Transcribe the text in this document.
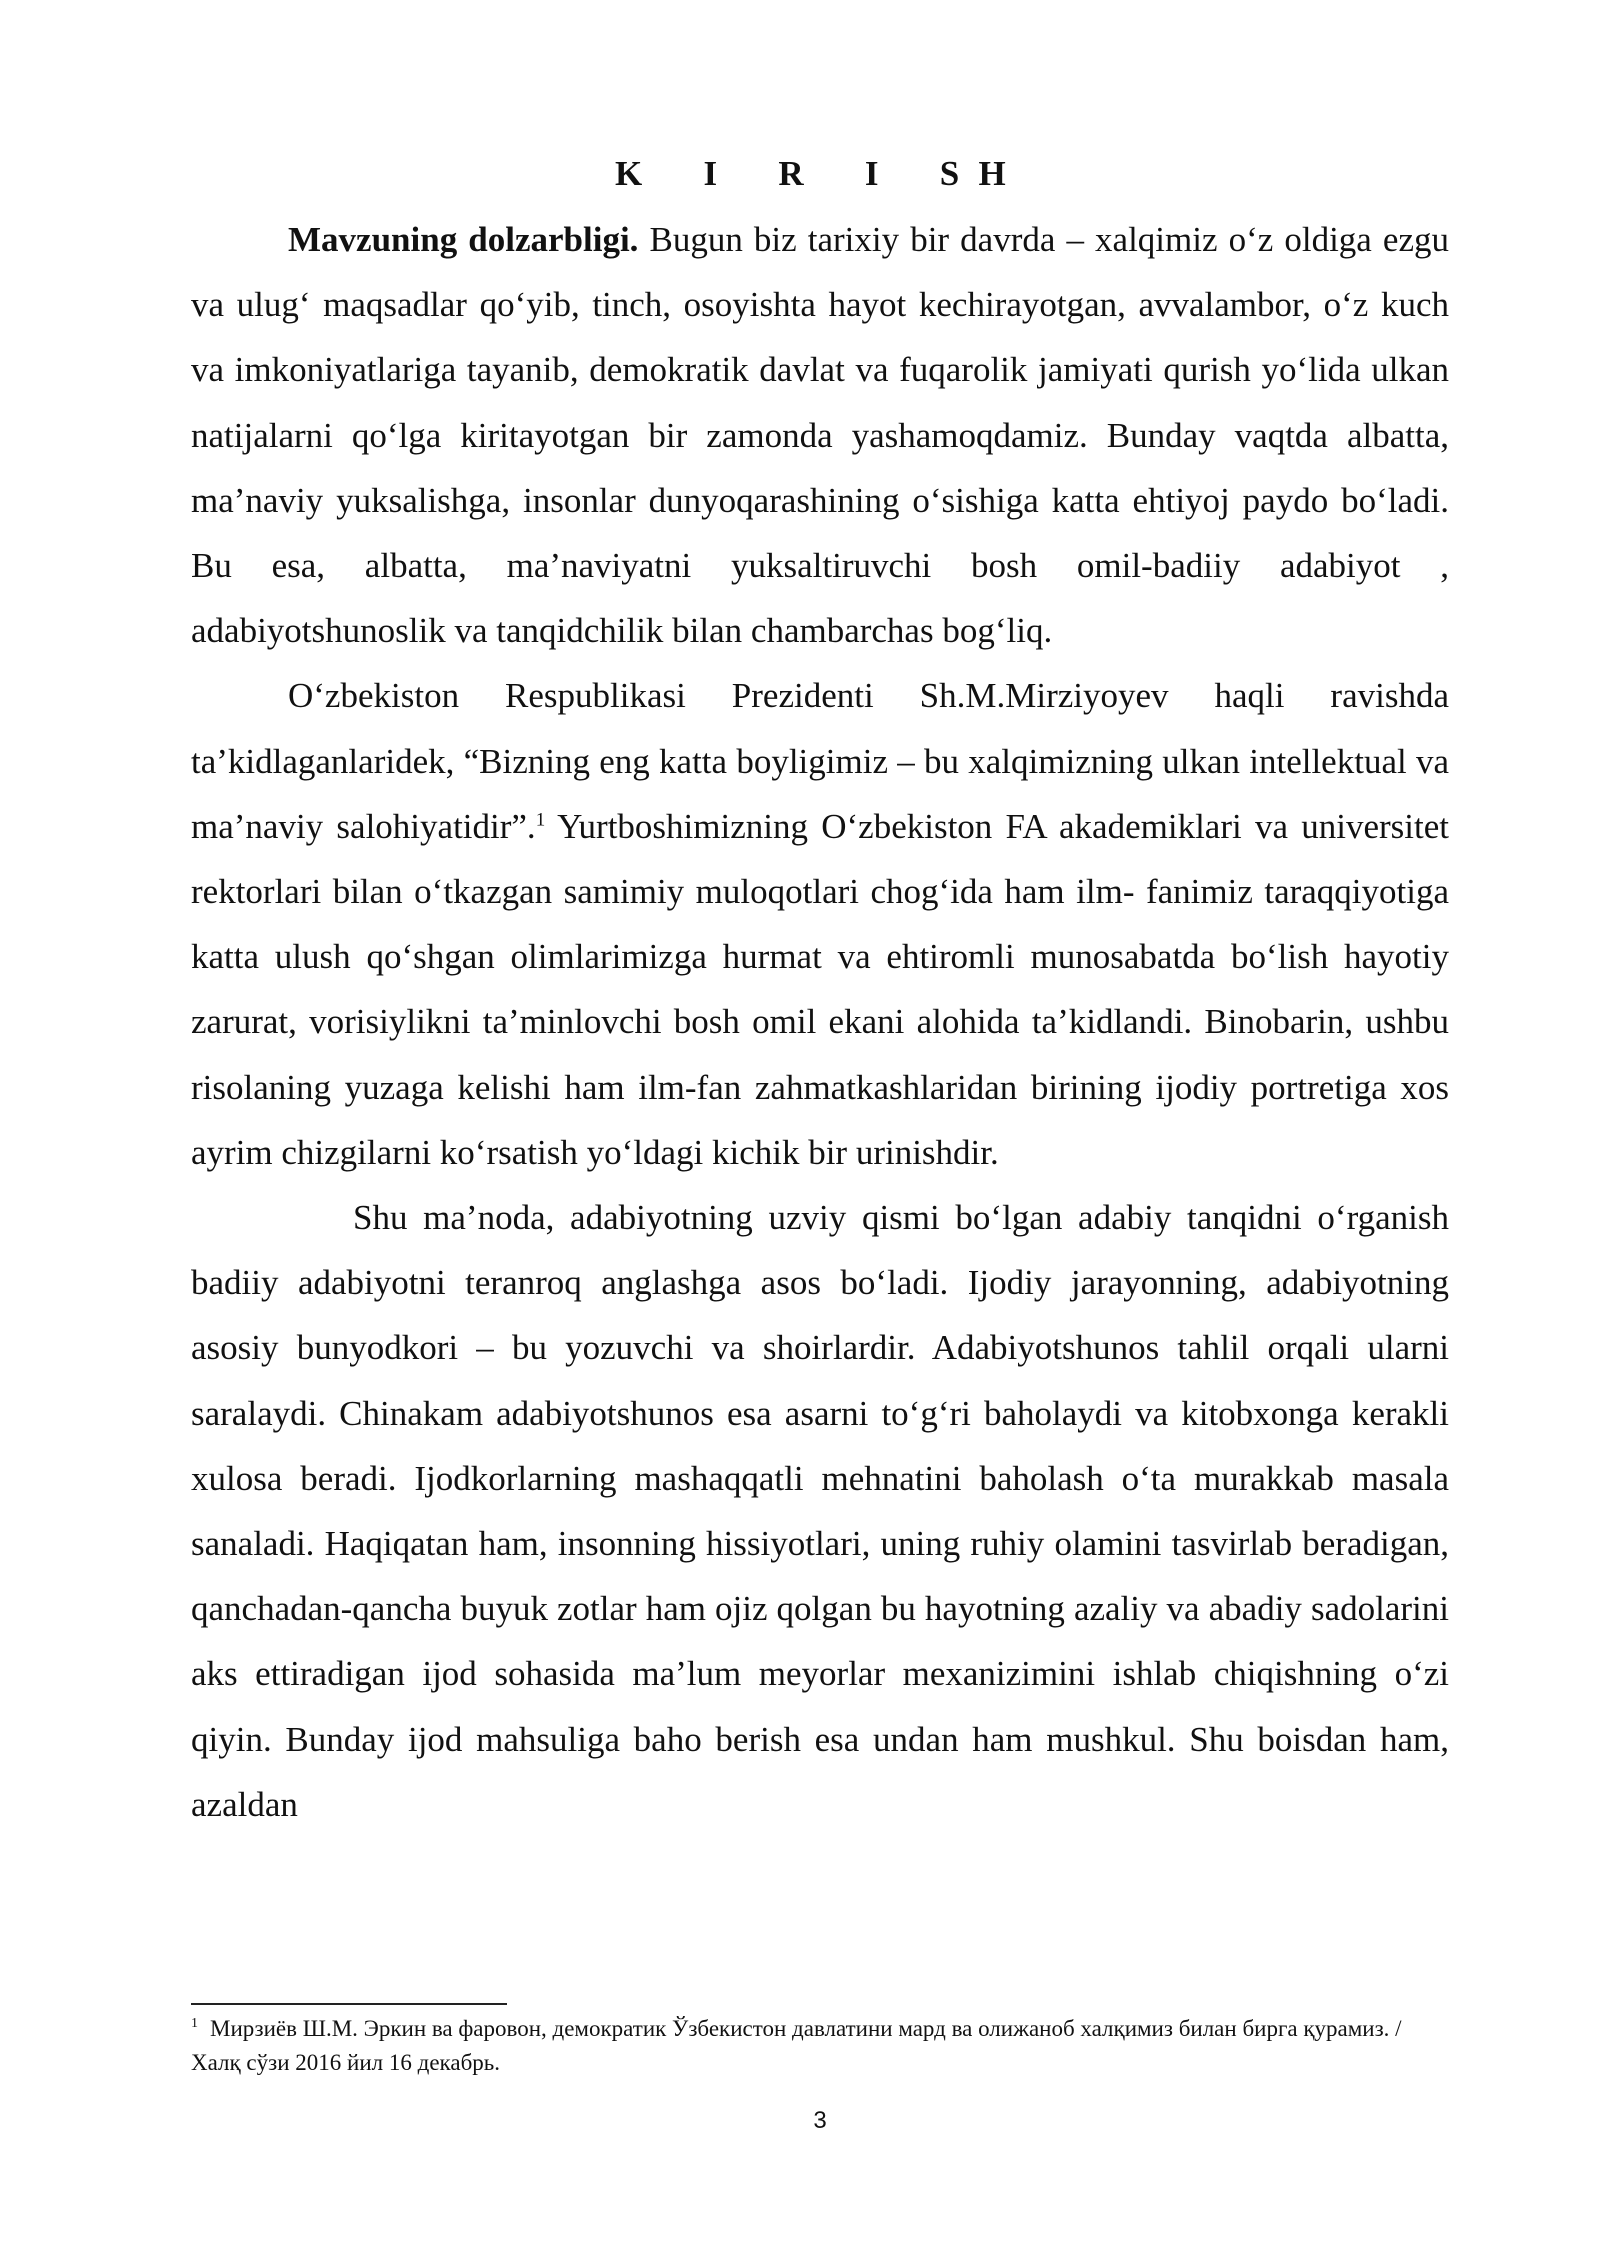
K I R I SH

Mavzuning dolzarbligi. Bugun biz tarixiy bir davrda – xalqimiz oʻz oldiga ezgu va ulugʻ maqsadlar qoʻyib, tinch, osoyishta hayot kechirayotgan, avvalambor, oʻz kuch va imkoniyatlariga tayanib, demokratik davlat va fuqarolik jamiyati qurish yoʻlida ulkan natijalarni qoʻlga kiritayotgan bir zamonda yashamoqdamiz. Bunday vaqtda albatta, ma’naviy yuksalishga, insonlar dunyoqarashining oʻsishiga katta ehtiyoj paydo boʻladi. Bu esa, albatta, ma’naviyatni yuksaltiruvchi bosh omil-badiiy adabiyot , adabiyotshunoslik va tanqidchilik bilan chambarchas bogʻliq.

Oʻzbekiston Respublikasi Prezidenti Sh.M.Mirziyoyev haqli ravishda ta’kidlaganlaridek, “Bizning eng katta boyligimiz – bu xalqimizning ulkan intellektual va ma’naviy salohiyatidir”.$^1$ Yurtboshimizning Oʻzbekiston FA akademiklari va universitet rektorlari bilan oʻtkazgan samimiy muloqotlari chogʻida ham ilm- fanimiz taraqqiyotiga katta ulush qoʻshgan olimlarimizga hurmat va ehtiromli munosabatda boʻlish hayotiy zarurat, vorisiylikni ta’minlovchi bosh omil ekani alohida ta’kidlandi. Binobarin, ushbu risolaning yuzaga kelishi ham ilm-fan zahmatkashlaridan birining ijodiy portretiga xos ayrim chizgilarni koʻrsatish yoʻldagi kichik bir urinishdir.

Shu ma’noda, adabiyotning uzviy qismi boʻlgan adabiy tanqidni oʻrganish badiiy adabiyotni teranroq anglashga asos boʻladi. Ijodiy jarayonning, adabiyotning asosiy bunyodkori – bu yozuvchi va shoirlardir. Adabiyotshunos tahlil orqali ularni saralaydi. Chinakam adabiyotshunos esa asarni toʻgʻri baholaydi va kitobxonga kerakli xulosa beradi. Ijodkorlarning mashaqqatli mehnatini baholash oʻta murakkab masala sanaladi. Haqiqatan ham, insonning hissiyotlari, uning ruhiy olamini tasvirlab beradigan, qanchadan-qancha buyuk zotlar ham ojiz qolgan bu hayotning azaliy va abadiy sadolarini aks ettiradigan ijod sohasida ma’lum meyorlar mexanizimini ishlab chiqishning oʻzi qiyin. Bunday ijod mahsuliga baho berish esa undan ham mushkul. Shu boisdan ham, azaldan

$^1$ Мирзиёв Ш.М. Эркин ва фаровон, демократик Ўзбекистон давлатини мард ва олижаноб халқимиз билан бирга қурамиз. / Халқ сўзи 2016 йил 16 декабрь.
3
